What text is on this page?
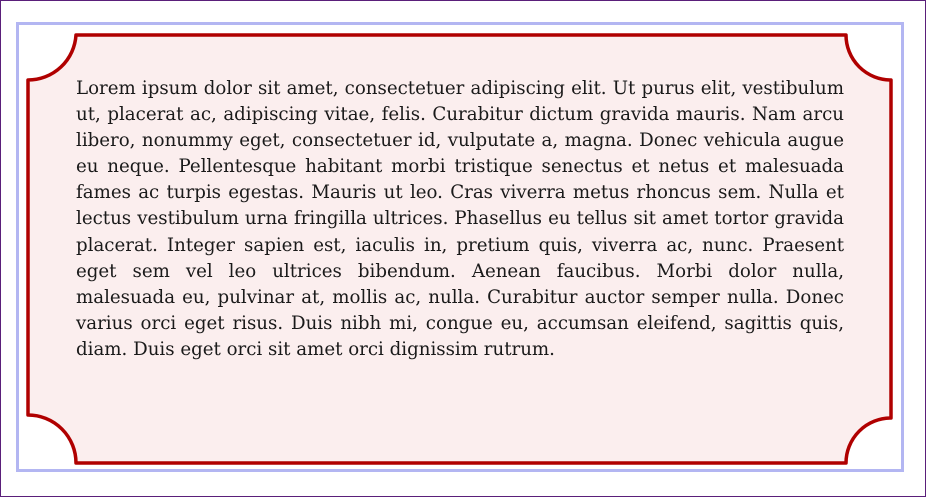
Lorem ipsum dolor sit amet, consectetuer adipiscing elit. Ut purus elit, vestibulum ut, placerat ac, adipiscing vitae, felis. Curabitur dictum gravida mauris. Nam arcu libero, nonummy eget, consectetuer id, vulputate a, magna. Donec vehicula augue eu neque. Pellentesque habitant morbi tristique senectus et netus et malesuada fames ac turpis egestas. Mauris ut leo. Cras viverra metus rhoncus sem. Nulla et lectus vestibulum urna fringilla ultrices. Phasellus eu tellus sit amet tortor gravida placerat. Integer sapien est, iaculis in, pretium quis, viverra ac, nunc. Praesent eget sem vel leo ultrices bibendum. Aenean faucibus. Morbi dolor nulla, malesuada eu, pulvinar at, mollis ac, nulla. Curabitur auctor semper nulla. Donec varius orci eget risus. Duis nibh mi, congue eu, accumsan eleifend, sagittis quis, diam. Duis eget orci sit amet orci dignissim rutrum.
